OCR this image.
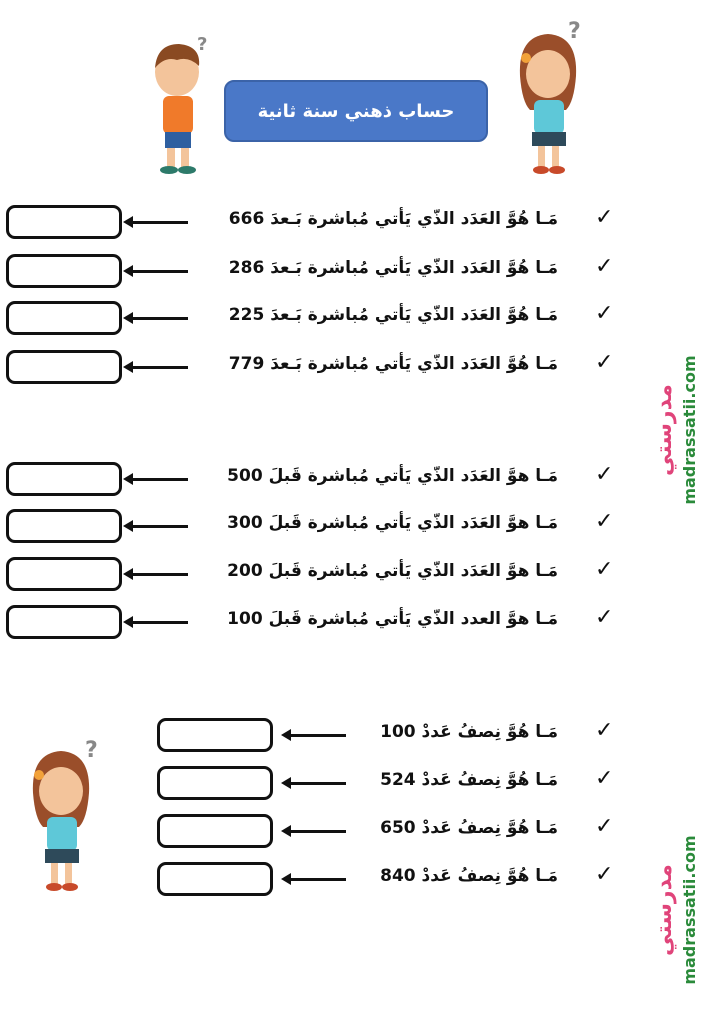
?
?
حساب ذهني سنة ثانية
مَـا هُوَّ العَدَد الذّي يَأتي مُباشرة بَـعدَ 666 ✓
مَـا هُوَّ العَدَد الذّي يَأتي مُباشرة بَـعدَ 286 ✓
مَـا هُوَّ العَدَد الذّي يَأتي مُباشرة بَـعدَ 225 ✓
مَـا هُوَّ العَدَد الذّي يَأتي مُباشرة بَـعدَ 779 ✓
مَـا هوَّ العَدَد الذّي يَأتي مُباشرة قَبلَ 500 ✓
مَـا هوَّ العَدَد الذّي يَأتي مُباشرة قَبلَ 300 ✓
مَـا هوَّ العَدَد الذّي يَأتي مُباشرة قَبلَ 200 ✓
مَـا هوَّ العدد الذّي يَأتي مُباشرة قَبلَ 100 ✓
مَـا هُوَّ نِصفُ عَددْ 100 ✓
مَـا هُوَّ نِصفُ عَددْ 524 ✓
مَـا هُوَّ نِصفُ عَددْ 650 ✓
مَـا هُوَّ نِصفُ عَددْ 840 ✓
?
مدرستي madrassatii.com
مدرستي madrassatii.com
